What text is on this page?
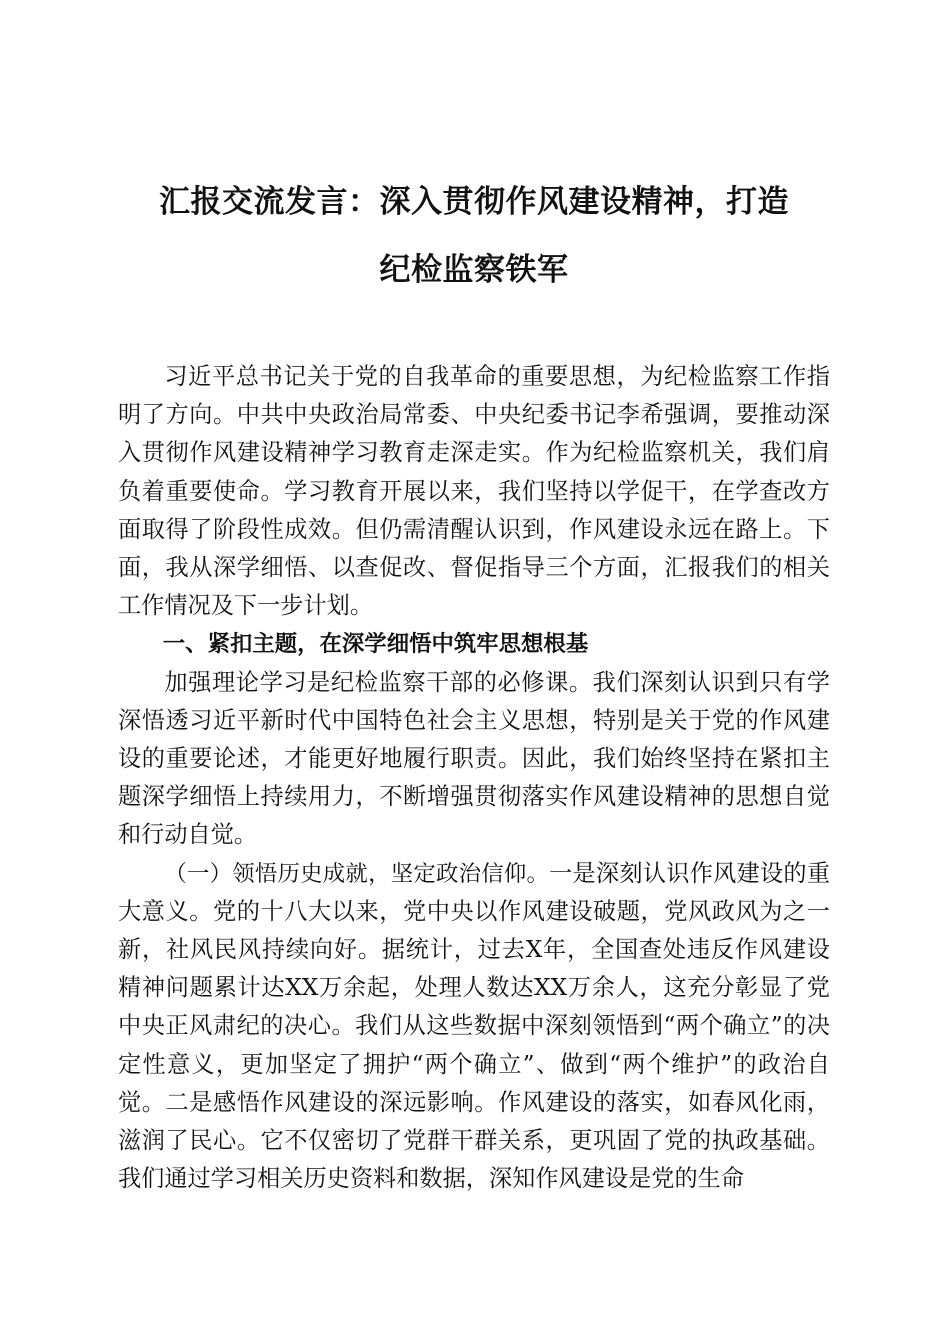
汇报交流发言：深入贯彻作风建设精神，打造
纪检监察铁军

习近平总书记关于党的自我革命的重要思想，为纪检监察工作指明了方向。中共中央政治局常委、中央纪委书记李希强调，要推动深入贯彻作风建设精神学习教育走深走实。作为纪检监察机关，我们肩负着重要使命。学习教育开展以来，我们坚持以学促干，在学查改方面取得了阶段性成效。但仍需清醒认识到，作风建设永远在路上。下面，我从深学细悟、以查促改、督促指导三个方面，汇报我们的相关工作情况及下一步计划。

一、紧扣主题，在深学细悟中筑牢思想根基

加强理论学习是纪检监察干部的必修课。我们深刻认识到只有学深悟透习近平新时代中国特色社会主义思想，特别是关于党的作风建设的重要论述，才能更好地履行职责。因此，我们始终坚持在紧扣主题深学细悟上持续用力，不断增强贯彻落实作风建设精神的思想自觉和行动自觉。

（一）领悟历史成就，坚定政治信仰。一是深刻认识作风建设的重大意义。党的十八大以来，党中央以作风建设破题，党风政风为之一新，社风民风持续向好。据统计，过去X年，全国查处违反作风建设精神问题累计达XX万余起，处理人数达XX万余人，这充分彰显了党中央正风肃纪的决心。我们从这些数据中深刻领悟到“两个确立”的决定性意义，更加坚定了拥护“两个确立”、做到“两个维护”的政治自觉。二是感悟作风建设的深远影响。作风建设的落实，如春风化雨，滋润了民心。它不仅密切了党群干群关系，更巩固了党的执政基础。我们通过学习相关历史资料和数据，深知作风建设是党的生命
